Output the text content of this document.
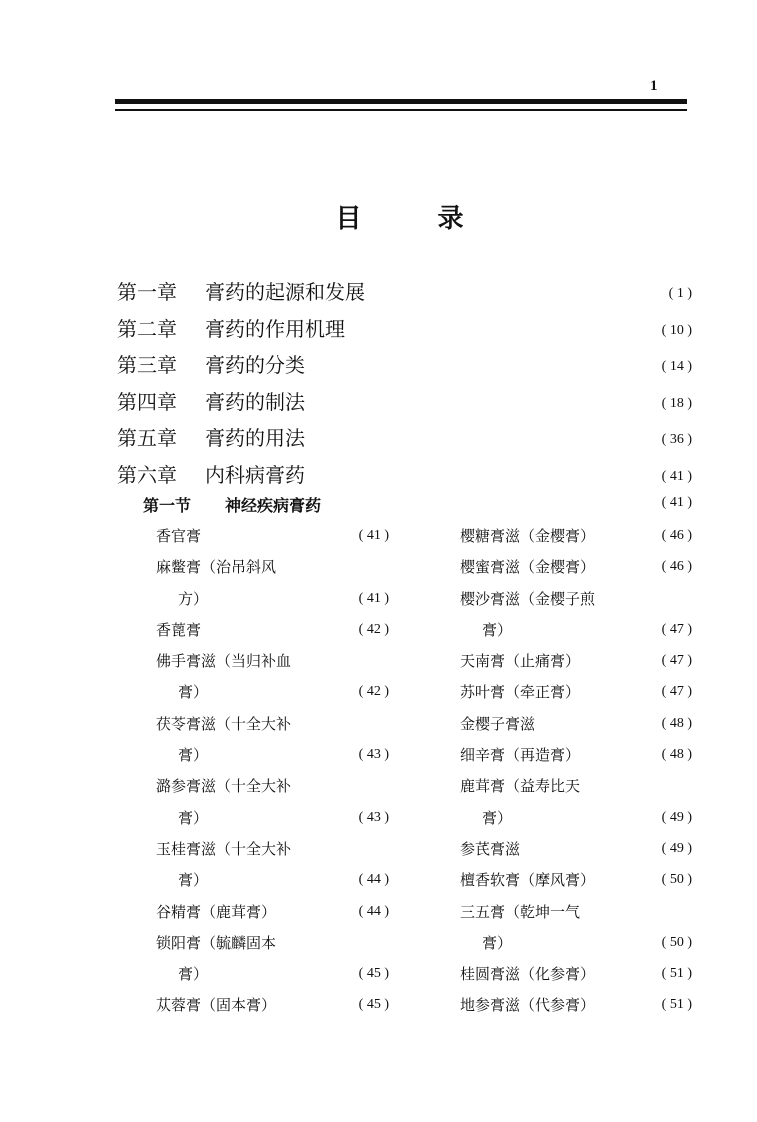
1
目	录
第一章 膏药的起源和发展	( 1 )
第二章 膏药的作用机理	( 10 )
第三章 膏药的分类	( 14 )
第四章 膏药的制法	( 18 )
第五章 膏药的用法	( 36 )
第六章 内科病膏药	( 41 )
第一节 神经疾病膏药	( 41 )
香官膏	( 41 )
麻鳖膏（治吊斜风
方）	( 41 )
香蓖膏	( 42 )
佛手膏滋（当归补血
膏）	( 42 )
茯苓膏滋（十全大补
膏）	( 43 )
潞参膏滋（十全大补
膏）	( 43 )
玉桂膏滋（十全大补
膏）	( 44 )
谷精膏（鹿茸膏）	( 44 )
锁阳膏（毓麟固本
膏）	( 45 )
苁蓉膏（固本膏）	( 45 )
樱糖膏滋（金樱膏）	( 46 )
樱蜜膏滋（金樱膏）	( 46 )
樱沙膏滋（金樱子煎
膏）	( 47 )
天南膏（止痛膏）	( 47 )
苏叶膏（牵正膏）	( 47 )
金樱子膏滋	( 48 )
细辛膏（再造膏）	( 48 )
鹿茸膏（益寿比天
膏）	( 49 )
参芪膏滋	( 49 )
檀香软膏（摩风膏）	( 50 )
三五膏（乾坤一气
膏）	( 50 )
桂圆膏滋（化参膏）	( 51 )
地参膏滋（代参膏）	( 51 )
